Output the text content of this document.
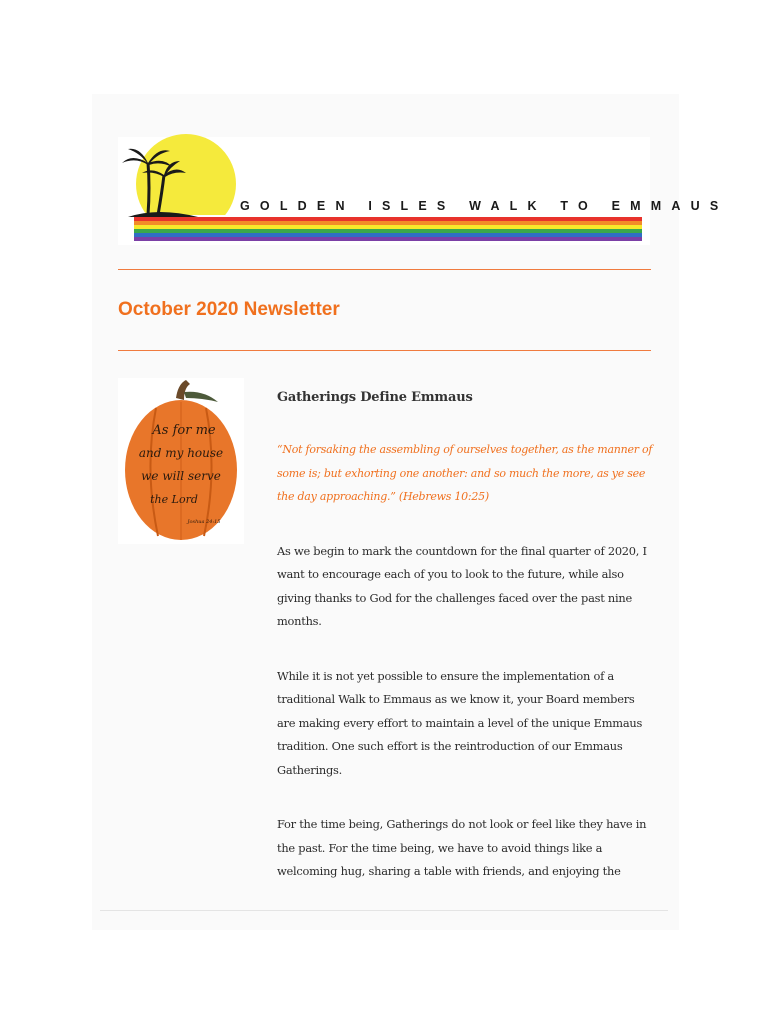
GOLDEN ISLES WALK TO EMMAUS
October 2020 Newsletter
As for me
and my house
we will serve
the Lord
Joshua 24:15
Gatherings Define Emmaus

“Not forsaking the assembling of ourselves together, as the manner of some is; but exhorting one another: and so much the more, as ye see the day approaching.” (Hebrews 10:25)

As we begin to mark the countdown for the final quarter of 2020, I want to encourage each of you to look to the future, while also giving thanks to God for the challenges faced over the past nine months.

While it is not yet possible to ensure the implementation of a traditional Walk to Emmaus as we know it, your Board members are making every effort to maintain a level of the unique Emmaus tradition. One such effort is the reintroduction of our Emmaus Gatherings.

For the time being, Gatherings do not look or feel like they have in the past. For the time being, we have to avoid things like a welcoming hug, sharing a table with friends, and enjoying the
